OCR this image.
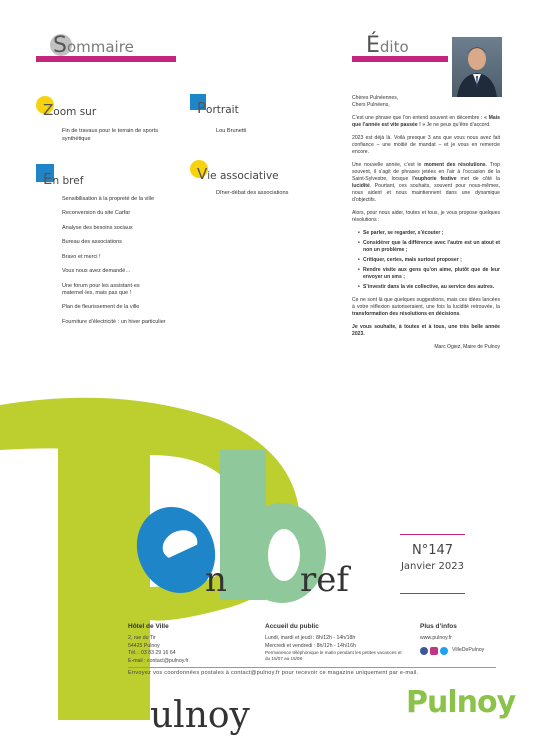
Sommaire	Édito
Zoom sur
Fin de travaux pour le terrain de sports synthétique
Portrait
Lou Brunetti
En bref
Sensibilisation à la propreté de la ville
Reconversion du site Carfar
Analyse des besoins sociaux
Bureau des associations
Bravo et merci !
Vous nous avez demandé…
Une forum pour les assistant·es maternel·les, mais pas que !
Plan de fleurissement de la ville
Fourniture d’électricité : un hiver particulier
Vie associative
Dîner-débat des associations

Chères Pulnéennes,
Chers Pulnéens,

C’est une phrase que l’on entend souvent en décembre : « Mais que l’année est vite passée ! » Je ne peux qu’être d’accord.

2023 est déjà là. Voilà presque 3 ans que vous nous avez fait confiance – une moitié de mandat – et je vous en remercie encore.

Une nouvelle année, c’est le moment des résolutions. Trop souvent, il s’agit de phrases jetées en l’air à l’occasion de la Saint-Sylvestre, lorsque l’euphorie festive met de côté la lucidité. Pourtant, ces souhaits, souvent pour nous-mêmes, nous aident et nous maintiennent dans une dynamique d’objectifs.

Alors, pour nous aider, toutes et tous, je vous propose quelques résolutions :

• Se parler, se regarder, s’écouter ;
• Considérer que la différence avec l’autre est un atout et non un problème ;
• Critiquer, certes, mais surtout proposer ;
• Rendre visite aux gens qu’on aime, plutôt que de leur envoyer un sms ;
• S’investir dans la vie collective, au service des autres.

Ce ne sont là que quelques suggestions, mais ces idées lancées à votre réflexion autoriseraient, une fois la lucidité retrouvée, la transformation des résolutions en décisions.

Je vous souhaite, à toutes et à tous, une très belle année 2023.

Marc Ogiez, Maire de Pulnoy
n ref
ulnoy
N°147
Janvier 2023
Hôtel de Ville
2, rue du Tir
54425 Pulnoy
Tél. : 03 83 29 16 64
E-mail : contact@pulnoy.fr
Accueil du public
Lundi, mardi et jeudi : 8h/12h - 14h/18h
Mercredi et vendredi : 8h/12h - 14h/16h
Permanence téléphonique le matin pendant les petites vacances et du 15/07 au 15/08
Plus d’infos
www.pulnoy.fr
VilleDePulnoy
Envoyez vos coordonnées postales à contact@pulnoy.fr pour recevoir ce magazine uniquement par e-mail.
Pulnoy
